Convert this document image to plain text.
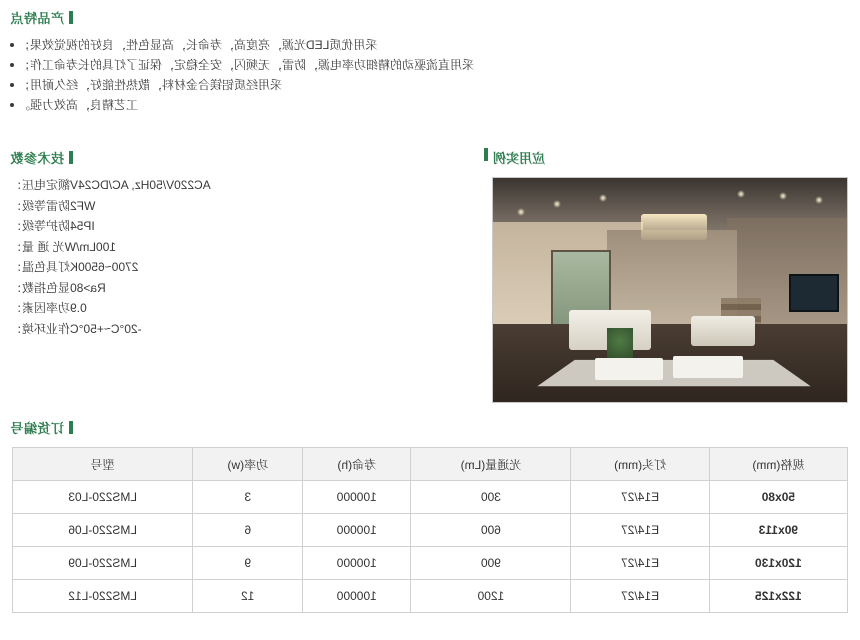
产品特点
采用优质LED光源，亮度高，寿命长，高显色性，良好的视觉效果；
采用直流驱动的精细功率电源，防雷，无频闪，安全稳定，保证了灯具的长寿命工作；
采用经质铝镁合金材料，散热性能好，经久耐用；
工艺精良，高效力强。
技术参数
AC220V/50Hz, AC/DC24V额定电压：
WF2防雷等级：
IP54防护等级：
100Lm/W光 通 量：
2700~6500K灯具色温：
Ra>80显色指数：
0.9功率因素：
-20°C~+50°C作业环境：
应用实例
订货编号
规格(mm)	灯头(mm)	光通量(Lm)	寿命(h)	功率(w)	型号
50x80	E14/27	300	100000	3	LMS220-L03
90x113	E14/27	600	100000	6	LMS220-L06
120x130	E14/27	900	100000	9	LMS220-L09
122x125	E14/27	1200	100000	12	LMS220-L12
